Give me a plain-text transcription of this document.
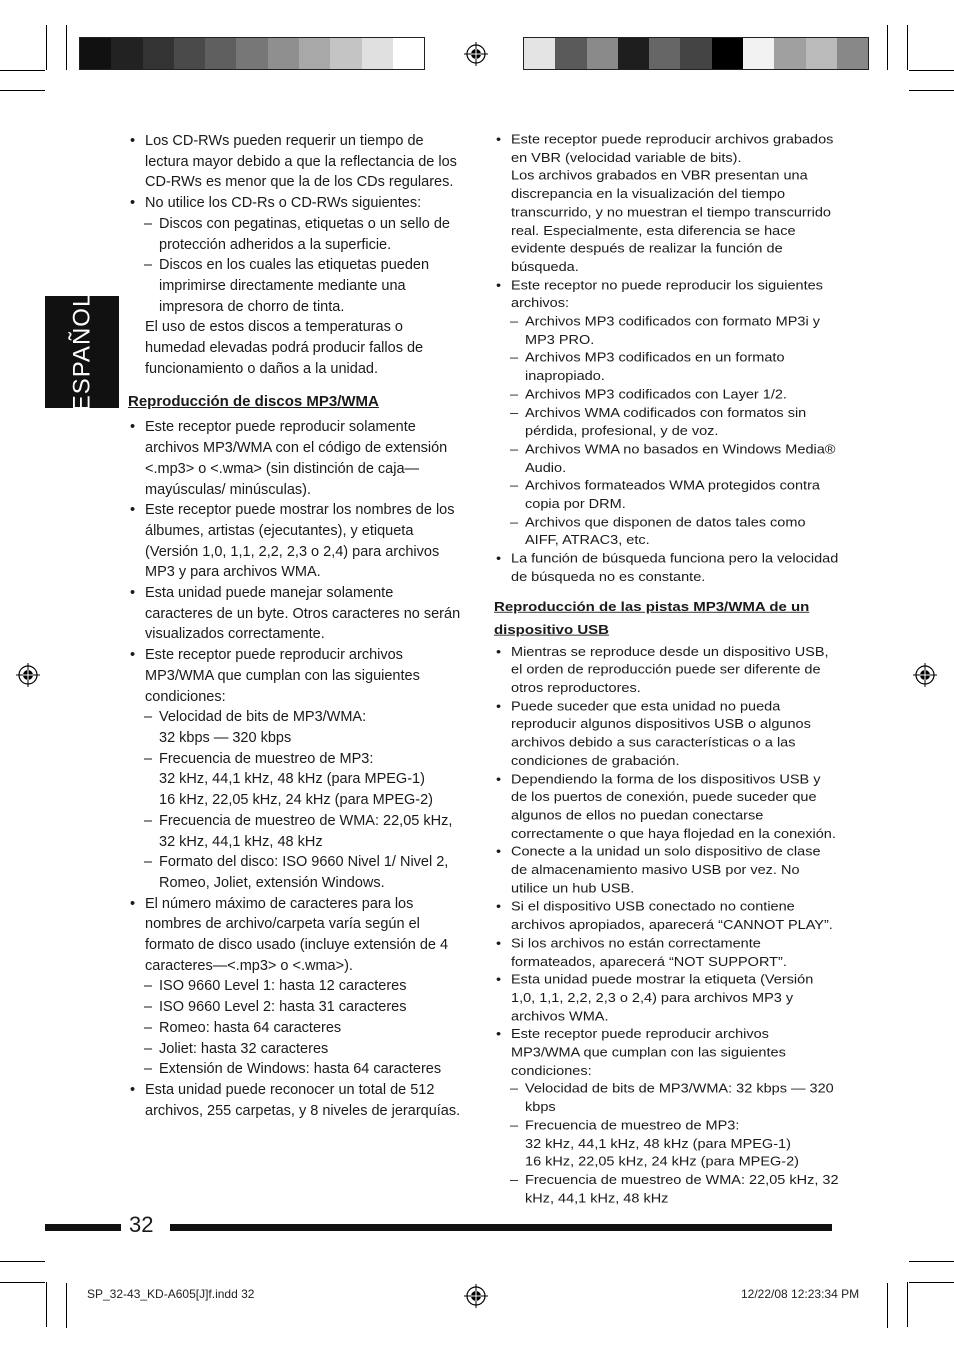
ESPAÑOL
• Los CD-RWs pueden requerir un tiempo de lectura mayor debido a que la reflectancia de los CD-RWs es menor que la de los CDs regulares.
• No utilice los CD-Rs o CD-RWs siguientes:
– Discos con pegatinas, etiquetas o un sello de protección adheridos a la superficie.
– Discos en los cuales las etiquetas pueden imprimirse directamente mediante una impresora de chorro de tinta.
El uso de estos discos a temperaturas o humedad elevadas podrá producir fallos de funcionamiento o daños a la unidad.
Reproducción de discos MP3/WMA
• Este receptor puede reproducir solamente archivos MP3/WMA con el código de extensión <.mp3> o <.wma> (sin distinción de caja—mayúsculas/ minúsculas).
• Este receptor puede mostrar los nombres de los álbumes, artistas (ejecutantes), y etiqueta (Versión 1,0, 1,1, 2,2, 2,3 o 2,4) para archivos MP3 y para archivos WMA.
• Esta unidad puede manejar solamente caracteres de un byte. Otros caracteres no serán visualizados correctamente.
• Este receptor puede reproducir archivos MP3/WMA que cumplan con las siguientes condiciones:
– Velocidad de bits de MP3/WMA:
32 kbps — 320 kbps
– Frecuencia de muestreo de MP3:
32 kHz, 44,1 kHz, 48 kHz (para MPEG-1)
16 kHz, 22,05 kHz, 24 kHz (para MPEG-2)
– Frecuencia de muestreo de WMA: 22,05 kHz, 32 kHz, 44,1 kHz, 48 kHz
– Formato del disco: ISO 9660 Nivel 1/ Nivel 2, Romeo, Joliet, extensión Windows.
• El número máximo de caracteres para los nombres de archivo/carpeta varía según el formato de disco usado (incluye extensión de 4 caracteres—<.mp3> o <.wma>).
– ISO 9660 Level 1: hasta 12 caracteres
– ISO 9660 Level 2: hasta 31 caracteres
– Romeo: hasta 64 caracteres
– Joliet: hasta 32 caracteres
– Extensión de Windows: hasta 64 caracteres
• Esta unidad puede reconocer un total de 512 archivos, 255 carpetas, y 8 niveles de jerarquías.
• Este receptor puede reproducir archivos grabados en VBR (velocidad variable de bits).
Los archivos grabados en VBR presentan una discrepancia en la visualización del tiempo transcurrido, y no muestran el tiempo transcurrido real. Especialmente, esta diferencia se hace evidente después de realizar la función de búsqueda.
• Este receptor no puede reproducir los siguientes archivos:
– Archivos MP3 codificados con formato MP3i y MP3 PRO.
– Archivos MP3 codificados en un formato inapropiado.
– Archivos MP3 codificados con Layer 1/2.
– Archivos WMA codificados con formatos sin pérdida, profesional, y de voz.
– Archivos WMA no basados en Windows Media® Audio.
– Archivos formateados WMA protegidos contra copia por DRM.
– Archivos que disponen de datos tales como AIFF, ATRAC3, etc.
• La función de búsqueda funciona pero la velocidad de búsqueda no es constante.
Reproducción de las pistas MP3/WMA de un dispositivo USB
• Mientras se reproduce desde un dispositivo USB, el orden de reproducción puede ser diferente de otros reproductores.
• Puede suceder que esta unidad no pueda reproducir algunos dispositivos USB o algunos archivos debido a sus características o a las condiciones de grabación.
• Dependiendo la forma de los dispositivos USB y de los puertos de conexión, puede suceder que algunos de ellos no puedan conectarse correctamente o que haya flojedad en la conexión.
• Conecte a la unidad un solo dispositivo de clase de almacenamiento masivo USB por vez. No utilice un hub USB.
• Si el dispositivo USB conectado no contiene archivos apropiados, aparecerá “CANNOT PLAY”.
• Si los archivos no están correctamente formateados, aparecerá “NOT SUPPORT”.
• Esta unidad puede mostrar la etiqueta (Versión 1,0, 1,1, 2,2, 2,3 o 2,4) para archivos MP3 y archivos WMA.
• Este receptor puede reproducir archivos MP3/WMA que cumplan con las siguientes condiciones:
– Velocidad de bits de MP3/WMA: 32 kbps — 320 kbps
– Frecuencia de muestreo de MP3:
32 kHz, 44,1 kHz, 48 kHz (para MPEG-1)
16 kHz, 22,05 kHz, 24 kHz (para MPEG-2)
– Frecuencia de muestreo de WMA: 22,05 kHz, 32 kHz, 44,1 kHz, 48 kHz
32
SP_32-43_KD-A605[J]f.indd 32	12/22/08 12:23:34 PM
